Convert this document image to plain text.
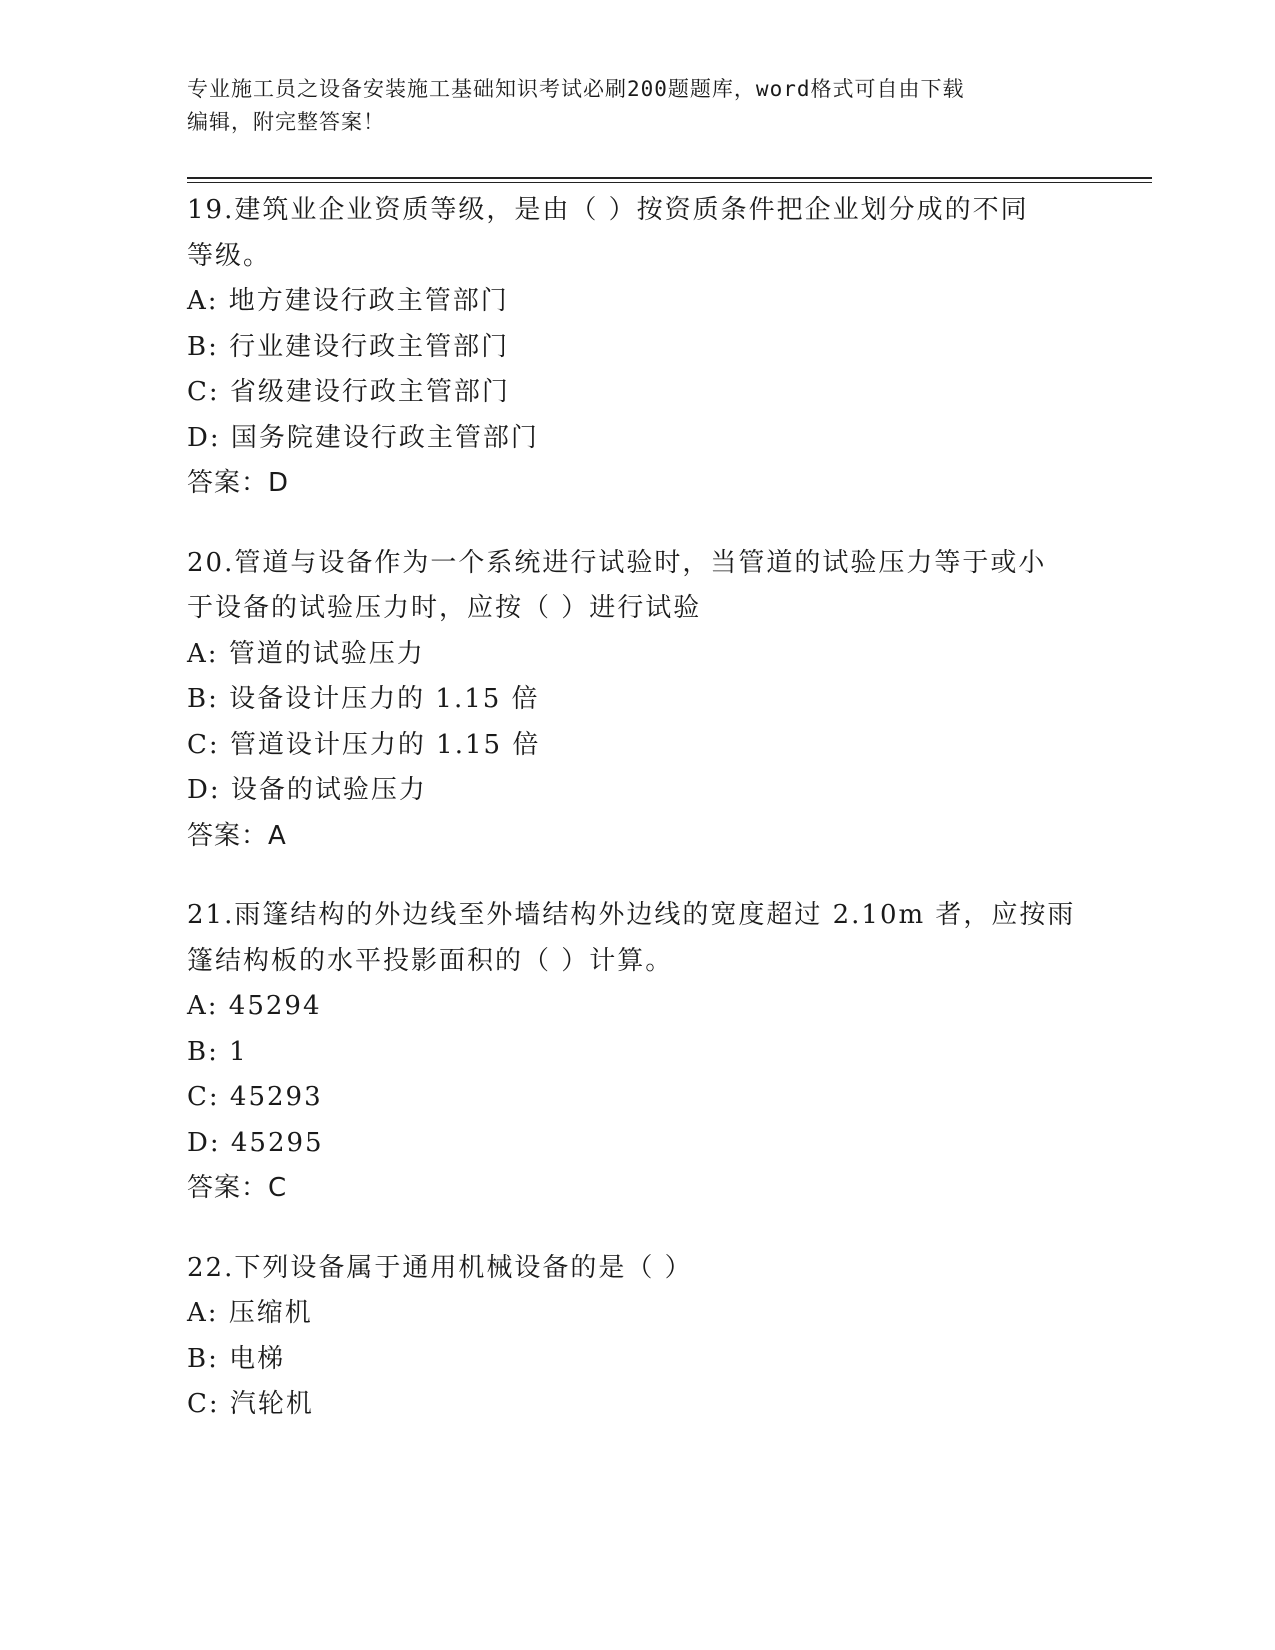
专业施工员之设备安装施工基础知识考试必刷200题题库，word格式可自由下载
编辑，附完整答案！
19.建筑业企业资质等级，是由（ ）按资质条件把企业划分成的不同
等级。
A: 地方建设行政主管部门
B: 行业建设行政主管部门
C: 省级建设行政主管部门
D: 国务院建设行政主管部门
答案：D
20.管道与设备作为一个系统进行试验时，当管道的试验压力等于或小
于设备的试验压力时，应按（ ）进行试验
A: 管道的试验压力
B: 设备设计压力的 1.15 倍
C: 管道设计压力的 1.15 倍
D: 设备的试验压力
答案：A
21.雨篷结构的外边线至外墙结构外边线的宽度超过 2.10m 者，应按雨
篷结构板的水平投影面积的（ ）计算。
A: 45294
B: 1
C: 45293
D: 45295
答案：C
22.下列设备属于通用机械设备的是（ ）
A: 压缩机
B: 电梯
C: 汽轮机
